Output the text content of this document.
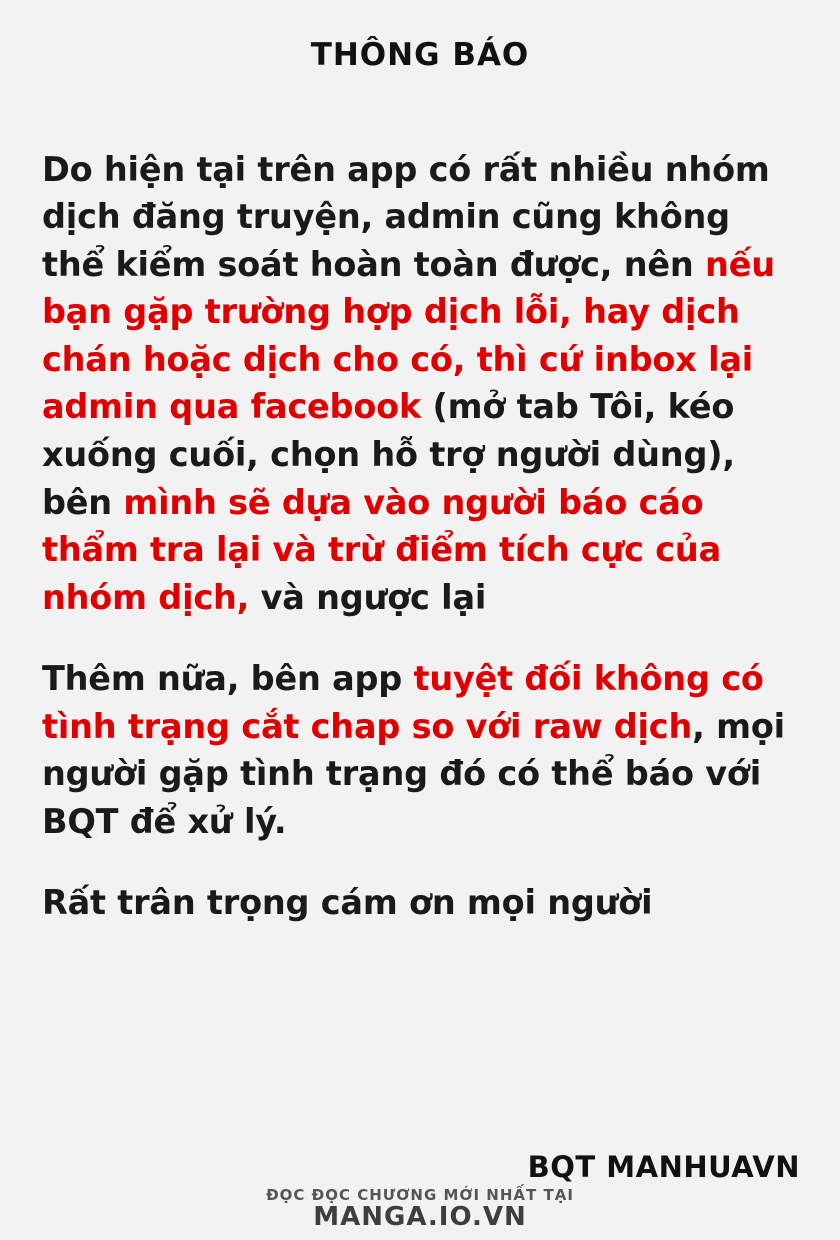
THÔNG BÁO

Do hiện tại trên app có rất nhiều nhóm dịch đăng truyện, admin cũng không thể kiểm soát hoàn toàn được, nên nếu bạn gặp trường hợp dịch lỗi, hay dịch chán hoặc dịch cho có, thì cứ inbox lại admin qua facebook (mở tab Tôi, kéo xuống cuối, chọn hỗ trợ người dùng), bên mình sẽ dựa vào người báo cáo thẩm tra lại và trừ điểm tích cực của nhóm dịch, và ngược lại

Thêm nữa, bên app tuyệt đối không có tình trạng cắt chap so với raw dịch, mọi người gặp tình trạng đó có thể báo với BQT để xử lý.

Rất trân trọng cám ơn mọi người

BQT MANHUAVN
ĐỌC ĐỌC CHƯƠNG MỚI NHẤT TẠI
MANGA.IO.VN
